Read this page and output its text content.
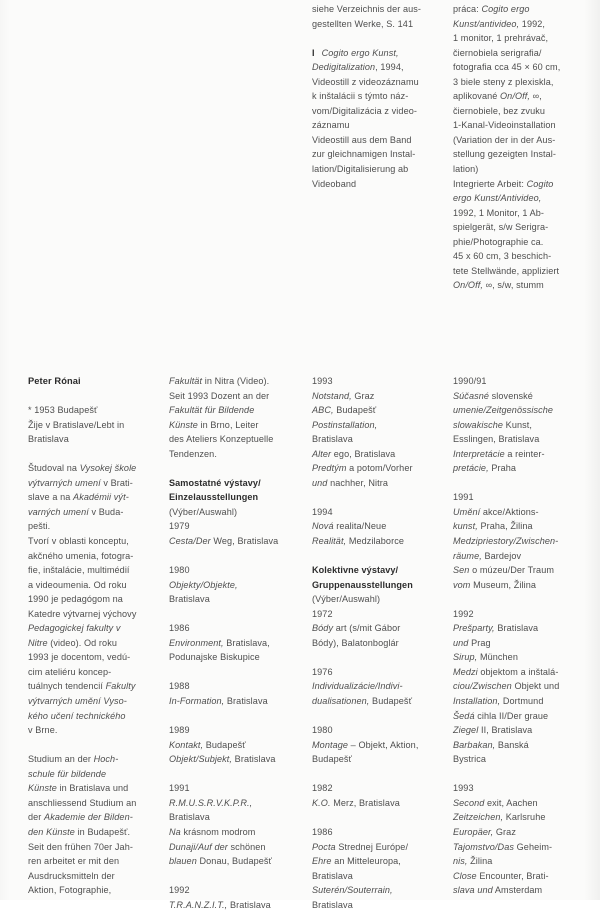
siehe Verzeichnis der aus-

gestellten Werke, S. 141

I Cogito ergo Kunst,

Dedigitalization, 1994,

Videostill z videozáznamu

k inštalácii s týmto náz-

vom/Digitalizácia z video-

záznamu

Videostill aus dem Band

zur gleichnamigen Instal-

lation/Digitalisierung ab

Videoband

práca: Cogito ergo

Kunst/antivideo, 1992,

1 monitor, 1 prehrávač,

čiernobiela serigrafia/

fotografia cca 45 × 60 cm,

3 biele steny z plexiskla,

aplikované On/Off, ∞,

čiernobiele, bez zvuku

1-Kanal-Videoinstallation

(Variation der in der Aus-

stellung gezeigten Instal-

lation)

Integrierte Arbeit: Cogito

ergo Kunst/Antivideo,

1992, 1 Monitor, 1 Ab-

spielgerät, s/w Serigra-

phie/Photographie ca.

45 x 60 cm, 3 beschich-

tete Stellwände, appliziert

On/Off, ∞, s/w, stumm

Peter Rónai

* 1953 Budapešť

Žije v Bratislave/Lebt in

Bratislava

Študoval na Vysokej škole

výtvarných umení v Brati-

slave a na Akadémii výt-

varných umení v Buda-

pešti.

Tvorí v oblasti konceptu,

akčného umenia, fotogra-

fie, inštalácie, multimédií

a videoumenia. Od roku

1990 je pedagógom na

Katedre výtvarnej výchovy

Pedagogickej fakulty v

Nitre (video). Od roku

1993 je docentom, vedú-

cim ateliéru koncep-

tuálnych tendencií Fakulty

výtvarných umění Vyso-

kého učení technického

v Brne.

Studium an der Hoch-

schule für bildende

Künste in Bratislava und

anschliessend Studium an

der Akademie der Bilden-

den Künste in Budapešť.

Seit den frühen 70er Jah-

ren arbeitet er mit den

Ausdrucksmitteln der

Aktion, Fotographie,

Fakultät in Nitra (Video).

Seit 1993 Dozent an der

Fakultät für Bildende

Künste in Brno, Leiter

des Ateliers Konzeptuelle

Tendenzen.

Samostatné výstavy/

Einzelausstellungen

(Výber/Auswahl)

1979

Cesta/Der Weg, Bratislava

1980

Objekty/Objekte,

Bratislava

1986

Environment, Bratislava,

Podunajske Biskupice

1988

In-Formation, Bratislava

1989

Kontakt, Budapešť

Objekt/Subjekt, Bratislava

1991

R.M.U.S.R.V.K.P.R.,

Bratislava

Na krásnom modrom

Dunaji/Auf der schönen

blauen Donau, Budapešť

1992

T.R.A.N.Z.I.T., Bratislava

1993

Notstand, Graz

ABC, Budapešť

Postinstallation,

Bratislava

Alter ego, Bratislava

Predtým a potom/Vorher

und nachher, Nitra

1994

Nová realita/Neue

Realität, Medzilaborce

Kolektivne výstavy/

Gruppenausstellungen

(Výber/Auswahl)

1972

Bódy art (s/mit Gábor

Bódy), Balatonboglár

1976

Individualizácie/Indivi-

dualisationen, Budapešť

1980

Montage – Objekt, Aktion,

Budapešť

1982

K.O. Merz, Bratislava

1986

Pocta Strednej Európe/

Ehre an Mitteleuropa,

Bratislava

Suterén/Souterrain,

Bratislava

1990/91

Súčasné slovenské

umenie/Zeitgenössische

slowakische Kunst,

Esslingen, Bratislava

Interpretácie a reinter-

pretácie, Praha

1991

Umění akce/Aktions-

kunst, Praha, Žilina

Medzipriestory/Zwischen-

räume, Bardejov

Sen o múzeu/Der Traum

vom Museum, Žilina

1992

Prešparty, Bratislava

und Prag

Sirup, München

Medzi objektom a inštalá-

ciou/Zwischen Objekt und

Installation, Dortmund

Šedá cihla II/Der graue

Ziegel II, Bratislava

Barbakan, Banská

Bystrica

1993

Second exit, Aachen

Zeitzeichen, Karlsruhe

Europäer, Graz

Tajomstvo/Das Geheim-

nis, Žilina

Close Encounter, Brati-

slava und Amsterdam
